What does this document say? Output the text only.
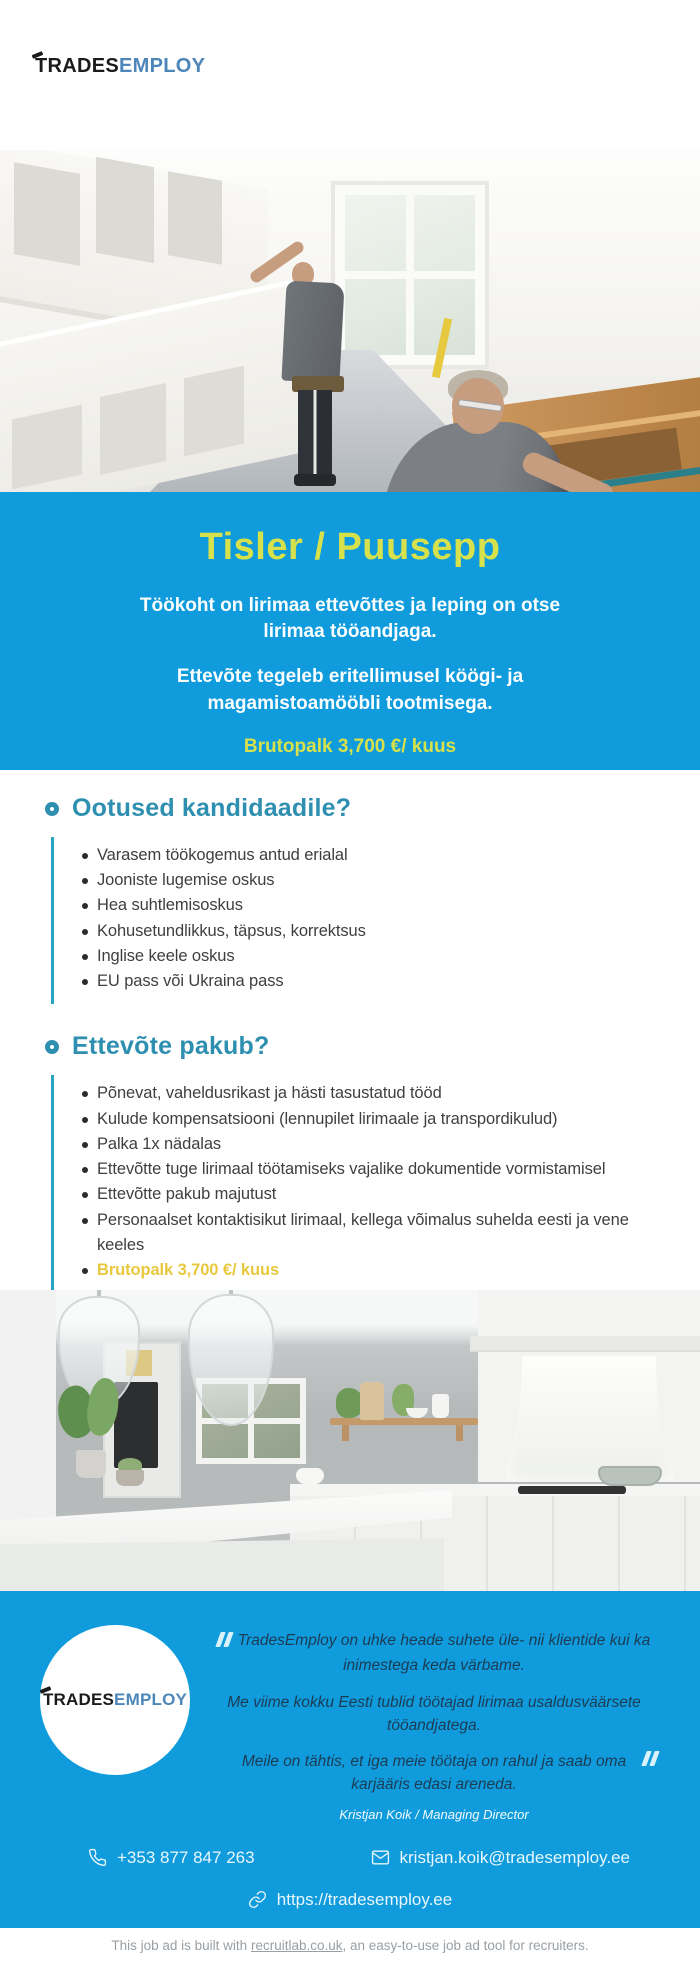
TRADESEMPLOY
Tisler / Puusepp

Töökoht on lirimaa ettevõttes ja leping on otse lirimaa tööandjaga.

Ettevõte tegeleb eritellimusel köögi- ja magamistoamööbli tootmisega.

Brutopalk 3,700 €/ kuus
Ootused kandidaadile?
Varasem töökogemus antud erialal
Jooniste lugemise oskus
Hea suhtlemisoskus
Kohusetundlikkus, täpsus, korrektsus
Inglise keele oskus
EU pass või Ukraina pass
Ettevõte pakub?
Põnevat, vaheldusrikast ja hästi tasustatud tööd
Kulude kompensatsiooni (lennupilet lirimaale ja transpordikulud)
Palka 1x nädalas
Ettevõtte tuge lirimaal töötamiseks vajalike dokumentide vormistamisel
Ettevõtte pakub majutust
Personaalset kontaktisikut lirimaal, kellega võimalus suhelda eesti ja vene keeles
Brutopalk 3,700 €/ kuus
TRADESEMPLOY

TradesEmploy on uhke heade suhete üle- nii klientide kui ka inimestega keda värbame.

Me viime kokku Eesti tublid töötajad lirimaa usaldusväärsete tööandjatega.

Meile on tähtis, et iga meie töötaja on rahul ja saab oma karjääris edasi areneda.

Kristjan Koik / Managing Director
+353 877 847 263	kristjan.koik@tradesemploy.ee
https://tradesemploy.ee
This job ad is built with
recruitlab.co.uk , an easy-to-use job ad tool for recruiters.
